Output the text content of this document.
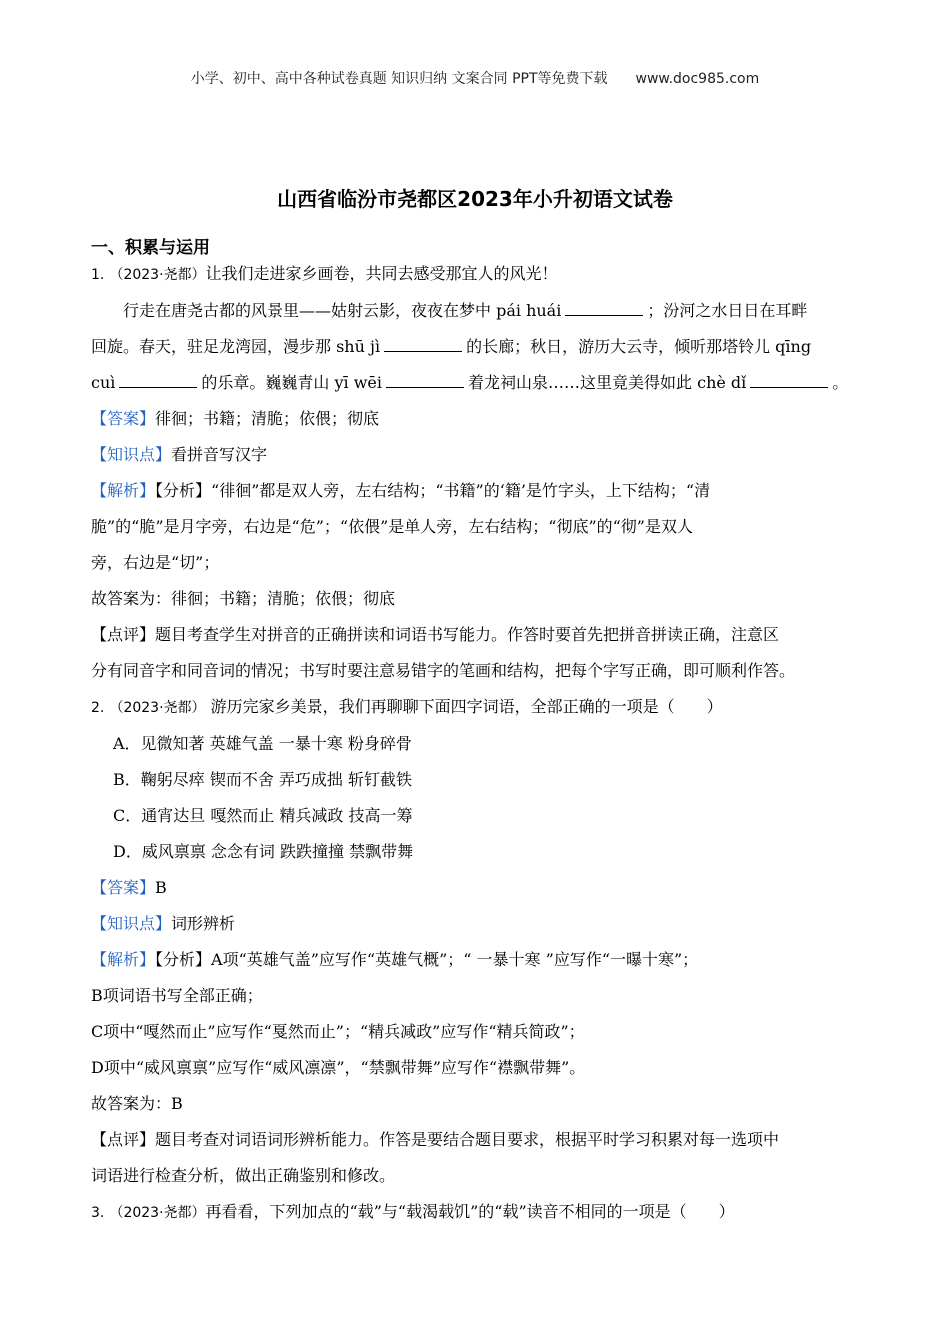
小学、初中、高中各种试卷真题 知识归纳 文案合同 PPT等免费下载 www.doc985.com
山西省临汾市尧都区2023年小升初语文试卷
一、积累与运用
1. （2023·尧都）让我们走进家乡画卷，共同去感受那宜人的风光！
行走在唐尧古都的风景里——姑射云影，夜夜在梦中 pái huái	；汾河之水日日在耳畔
回旋。春天，驻足龙湾园，漫步那 shū jì	的长廊；秋日，游历大云寺，倾听那塔铃儿 qīng
cuì	的乐章。巍巍青山 yī wēi	着龙祠山泉……这里竟美得如此 chè dǐ	。
【答案】徘徊；书籍；清脆；依偎；彻底
【知识点】看拼音写汉字
【解析】【分析】“徘徊”都是双人旁，左右结构；“书籍”的‘籍’是竹字头，上下结构；“清
脆”的“脆”是月字旁，右边是“危”；“依偎”是单人旁，左右结构；“彻底”的“彻”是双人
旁，右边是“切”；
故答案为：徘徊；书籍；清脆；依偎；彻底
【点评】题目考查学生对拼音的正确拼读和词语书写能力。作答时要首先把拼音拼读正确，注意区
分有同音字和同音词的情况；书写时要注意易错字的笔画和结构，把每个字写正确，即可顺利作答。
2. （2023·尧都） 游历完家乡美景，我们再聊聊下面四字词语，全部正确的一项是（　　）
A．见微知著 英雄气盖 一暴十寒 粉身碎骨
B．鞠躬尽瘁 锲而不舍 弄巧成拙 斩钉截铁
C．通宵达旦 嘎然而止 精兵减政 技高一筹
D．威风禀禀 念念有词 跌跌撞撞 禁飘带舞
【答案】B
【知识点】词形辨析
【解析】【分析】A项“英雄气盖”应写作“英雄气概”；“ 一暴十寒 ”应写作“一曝十寒”；
B项词语书写全部正确；
C项中“嘎然而止”应写作“戛然而止”；“精兵减政”应写作“精兵简政”；
D项中“威风禀禀”应写作“威风凛凛”，“禁飘带舞”应写作“襟飘带舞”。
故答案为：B
【点评】题目考查对词语词形辨析能力。作答是要结合题目要求，根据平时学习积累对每一选项中
词语进行检查分析，做出正确鉴别和修改。
3. （2023·尧都）再看看，下列加点的“载”与“载渴载饥”的“载”读音不相同的一项是（　　）
